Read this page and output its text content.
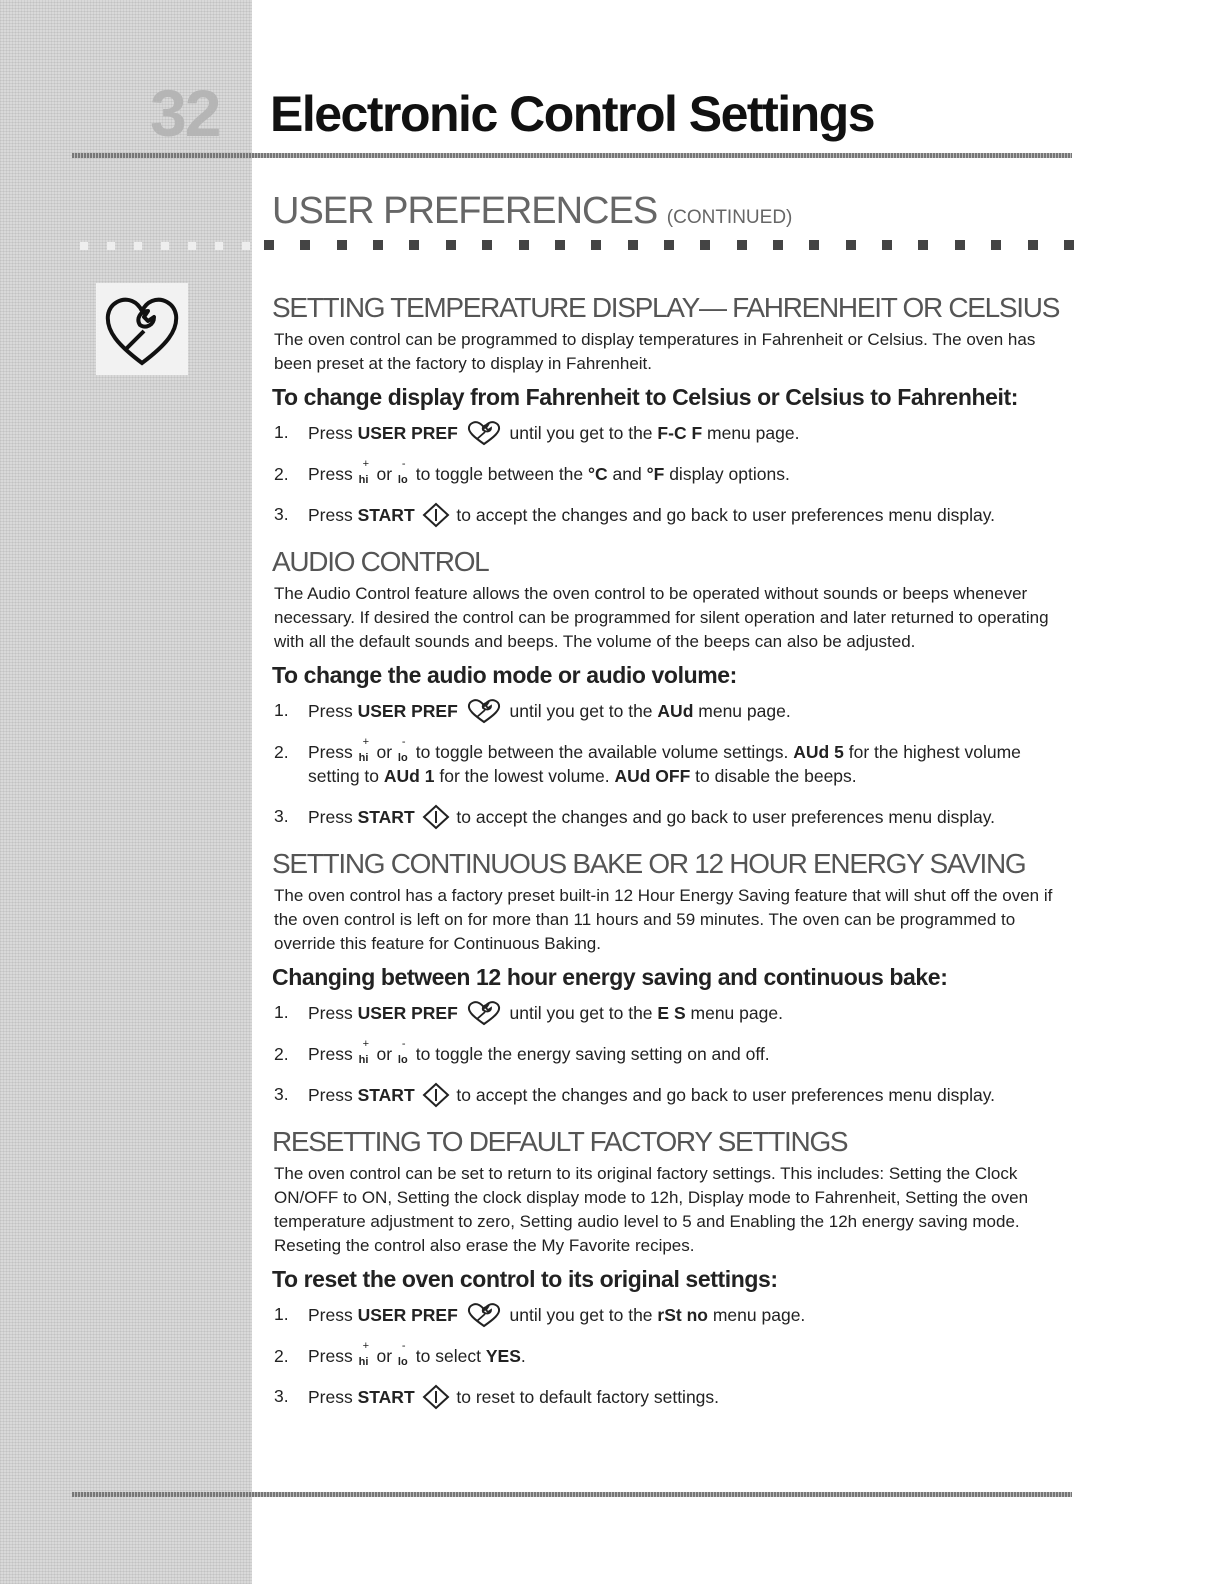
32	Electronic Control Settings
USER PREFERENCES (CONTINUED)
SETTING TEMPERATURE DISPLAY— FAHRENHEIT OR CELSIUS

The oven control can be programmed to display temperatures in Fahrenheit or Celsius. The oven has been preset at the factory to display in Fahrenheit.

To change display from Fahrenheit to Celsius or Celsius to Fahrenheit:
1. Press USER PREF	until you get to the F-C F menu page.
2. Press +
hi or -
lo to toggle between the °C and °F display options.
3. Press START to accept the changes and go back to user preferences menu display.
AUDIO CONTROL

The Audio Control feature allows the oven control to be operated without sounds or beeps whenever necessary. If desired the control can be programmed for silent operation and later returned to operating with all the default sounds and beeps. The volume of the beeps can also be adjusted.

To change the audio mode or audio volume:
1. Press USER PREF	until you get to the AUd menu page.
2. Press +
hi or -
lo to toggle between the available volume settings. AUd 5 for the highest volume setting to AUd 1 for the lowest volume. AUd OFF to disable the beeps.
3. Press START to accept the changes and go back to user preferences menu display.
SETTING CONTINUOUS BAKE OR 12 HOUR ENERGY SAVING

The oven control has a factory preset built-in 12 Hour Energy Saving feature that will shut off the oven if the oven control is left on for more than 11 hours and 59 minutes. The oven can be programmed to override this feature for Continuous Baking.

Changing between 12 hour energy saving and continuous bake:
1. Press USER PREF	until you get to the E S menu page.
2. Press +
hi or -
lo to toggle the energy saving setting on and off.
3. Press START to accept the changes and go back to user preferences menu display.
RESETTING TO DEFAULT FACTORY SETTINGS

The oven control can be set to return to its original factory settings. This includes: Setting the Clock ON/OFF to ON, Setting the clock display mode to 12h, Display mode to Fahrenheit, Setting the oven temperature adjustment to zero, Setting audio level to 5 and Enabling the 12h energy saving mode. Reseting the control also erase the My Favorite recipes.

To reset the oven control to its original settings:
1. Press USER PREF	until you get to the rSt no menu page.
2. Press +
hi or -
lo to select YES.
3. Press START to reset to default factory settings.
